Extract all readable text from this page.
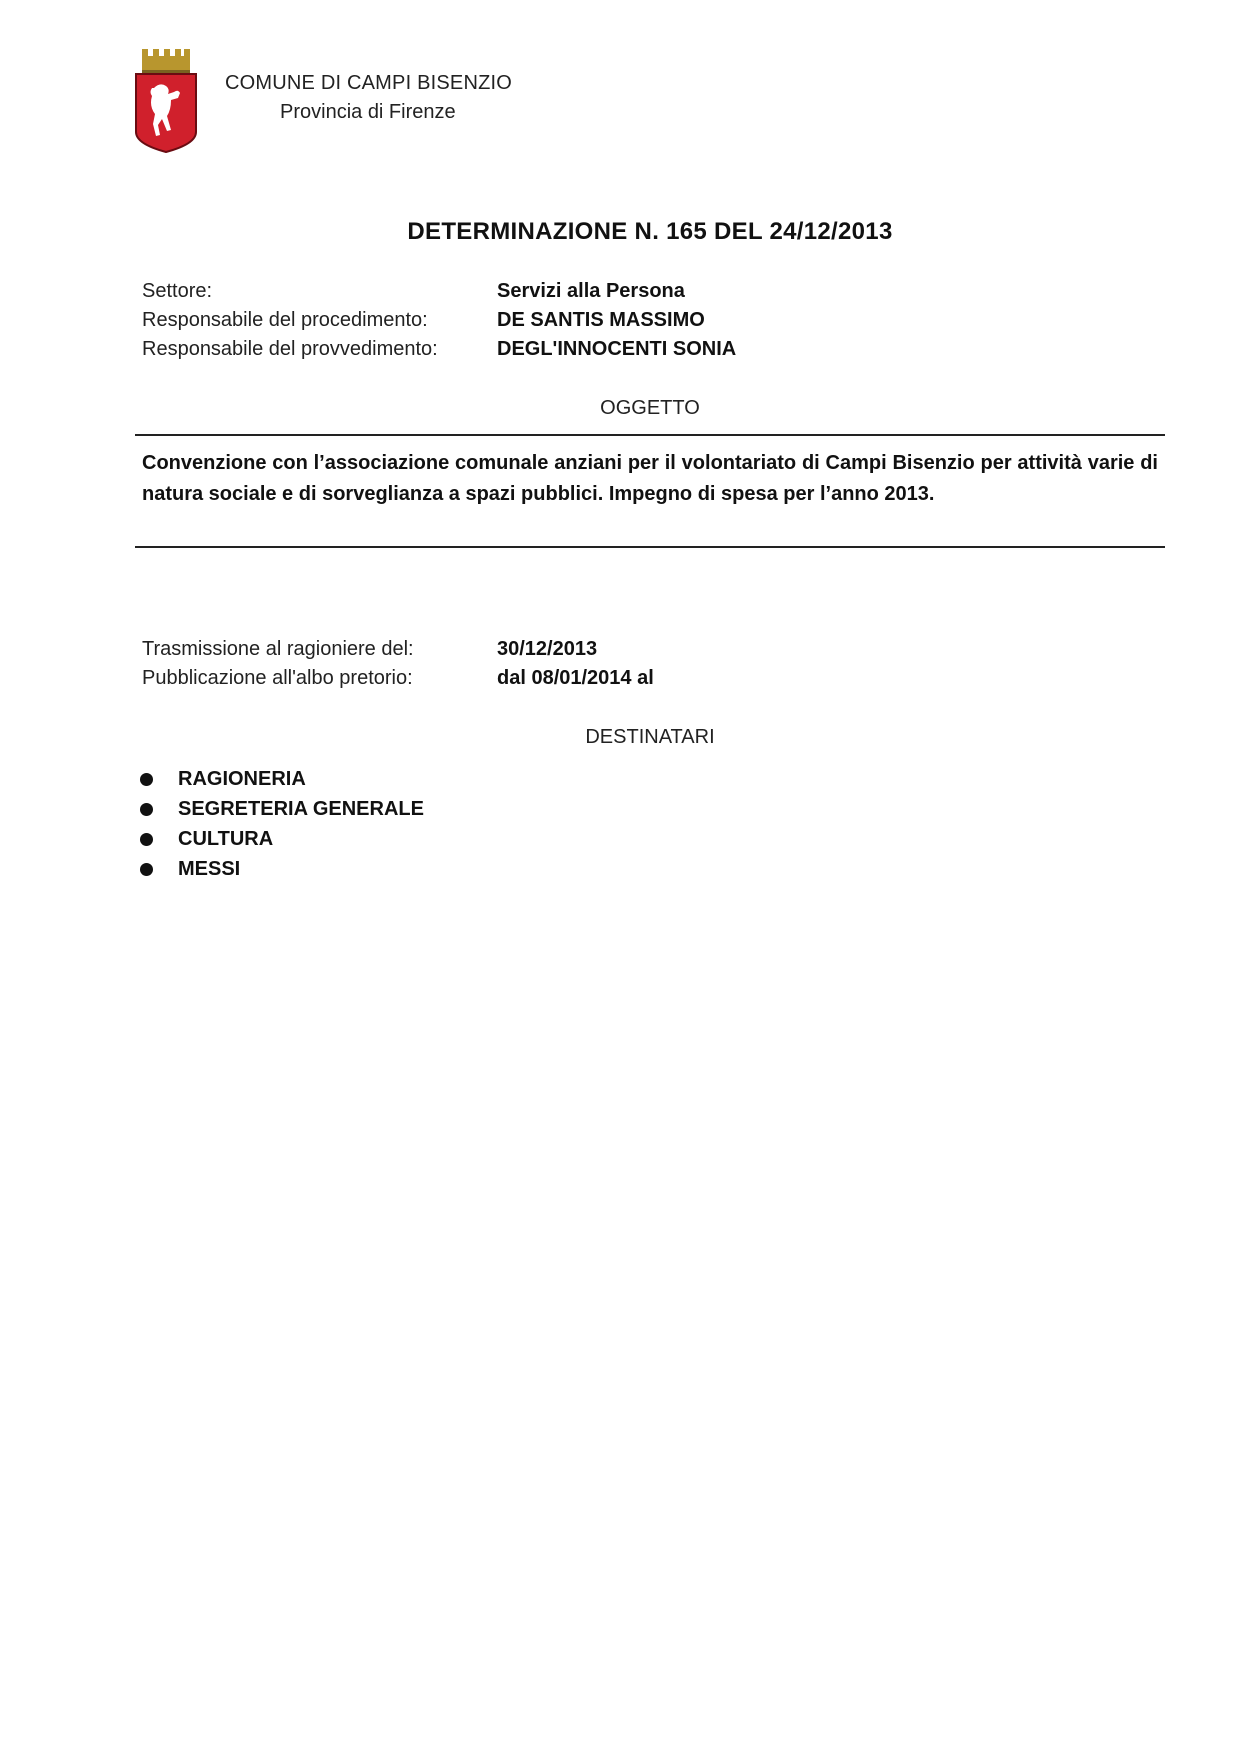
COMUNE DI CAMPI BISENZIO
Provincia di Firenze
DETERMINAZIONE N. 165 DEL 24/12/2013
Settore:	Servizi alla Persona
Responsabile del procedimento:	DE SANTIS MASSIMO
Responsabile del provvedimento:	DEGL'INNOCENTI SONIA
OGGETTO
Convenzione con l’associazione comunale anziani per il volontariato di Campi Bisenzio per attività varie di natura sociale e di sorveglianza a spazi pubblici. Impegno di spesa per l’anno 2013.
Trasmissione al ragioniere del:	30/12/2013
Pubblicazione all'albo pretorio:	dal 08/01/2014 al
DESTINATARI
RAGIONERIA
SEGRETERIA GENERALE
CULTURA
MESSI
